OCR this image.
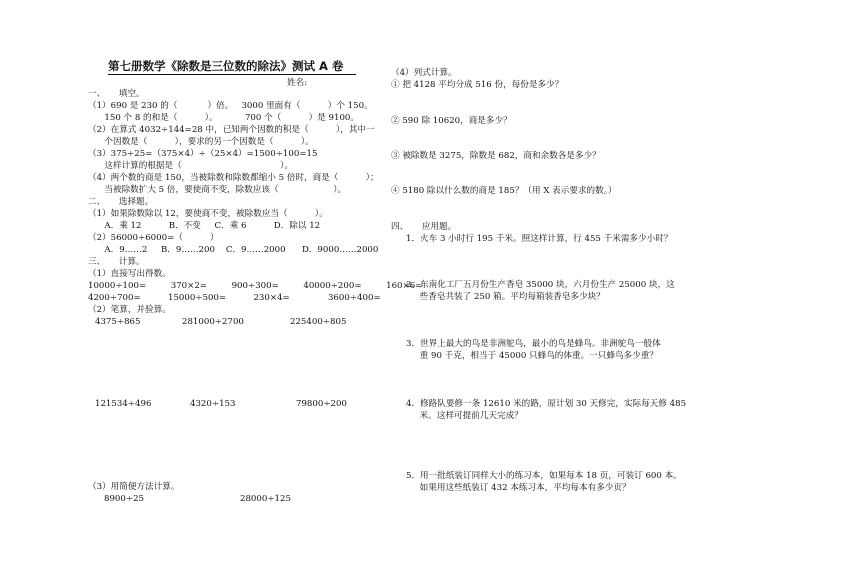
第七册数学《除数是三位数的除法》测试 A 卷
姓名:
一、     填空。
（1）690 是 230 的（           ）倍。   3000 里面有（          ）个 150。
150 个 8 的和是（          ）。          700 个（          ）是 9100。
（2）在算式 4032÷144=28 中，已知两个因数的积是（          ），其中一
个因数是（          ），要求的另一个因数是（          ）。
（3）375÷25=（375×4）÷（25×4）=1500÷100=15
这样计算的根据是（                                    ）。
（4）两个数的商是 150，当被除数和除数都缩小 5 倍时，商是（          ）；
当被除数扩大 5 倍，要使商不变，除数应该（                    ）。
二、     选择题。
（1）如果除数除以 12，要使商不变，被除数应当（          ）。
A．乘 12          B．不变     C．乘 6          D．除以 12
（2）56000÷6000=（          ）
A．9……2     B．9……200    C．9……2000      D．9000……2000
三、     计算。
（1）直接写出得数。
10000÷100=         370×2=         900÷300=         40000÷200=         160×6=
4200÷700=          15000÷500=          230×4=              3600÷400=
（2）笔算，并验算。
4375÷865	281000÷2700	225400÷805
121534÷496	4320÷153	79800÷200
（3）用简便方法计算。
8900÷25	28000÷125
（4）列式计算。
① 把 4128 平均分成 516 份，每份是多少？
② 590 除 10620，商是多少？
③ 被除数是 3275，除数是 682，商和余数各是多少？
④ 5180 除以什么数的商是 185？（用 X 表示要求的数。）
四、     应用题。
1．火车 3 小时行 195 千米。照这样计算，行 455 千米需多少小时？
2．东南化工厂五月份生产香皂 35000 块，六月份生产 25000 块，这
些香皂共装了 250 箱。平均每箱装香皂多少块？
3．世界上最大的鸟是非洲鸵鸟，最小的鸟是蜂鸟。非洲鸵鸟一般体
重 90 千克，相当于 45000 只蜂鸟的体重。一只蜂鸟多少重？
4．修路队要修一条 12610 米的路，原计划 30 天修完，实际每天修 485
米。这样可提前几天完成？
5．用一批纸装订同样大小的练习本，如果每本 18 页，可装订 600 本。
如果用这些纸装订 432 本练习本，平均每本有多少页？
